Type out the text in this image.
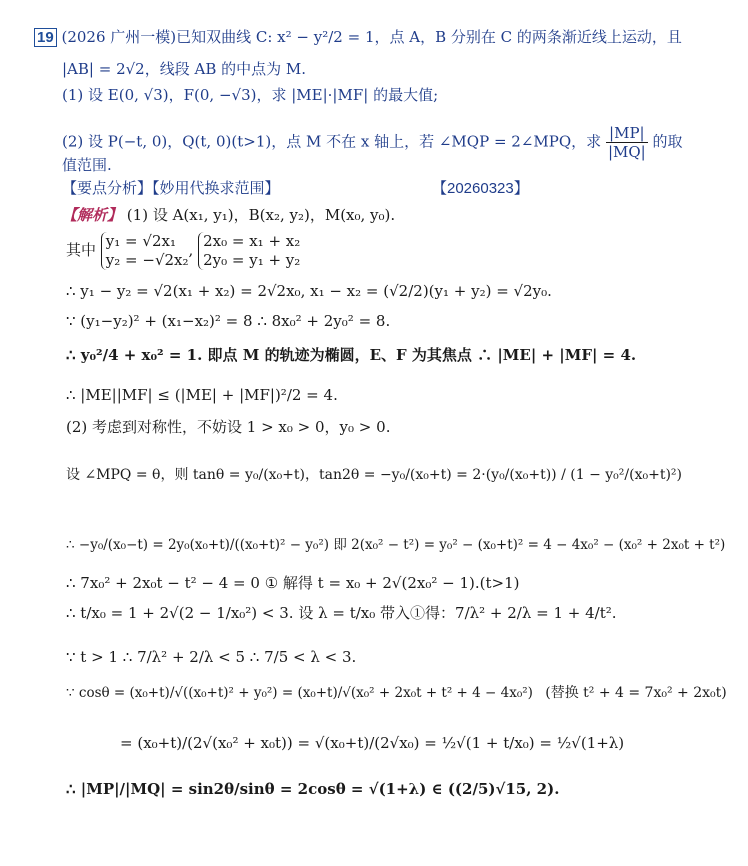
19 (2026 广州一模)已知双曲线 C: x² − y²/2 = 1，点 A，B 分别在 C 的两条渐近线上运动，且
|AB| = 2√2，线段 AB 的中点为 M.
(1) 设 E(0, √3)，F(0, −√3)，求 |ME|·|MF| 的最大值;
(2) 设 P(−t, 0)，Q(t, 0)(t>1)，点 M 不在 x 轴上，若 ∠MQP = 2∠MPQ，求 $\frac{|MP|}{|MQ|}$ 的取
值范围.
【要点分析】【妙用代换求范围】	【20260323】
【解析】 (1) 设 A(x₁, y₁)，B(x₂, y₂)，M(x₀, y₀).
其中 y₁ = √2x₁
y₂ = −√2x₂
, 2x₀ = x₁ + x₂
2y₀ = y₁ + y₂
∴ y₁ − y₂ = √2(x₁ + x₂) = 2√2x₀, x₁ − x₂ = (√2/2)(y₁ + y₂) = √2y₀.
∵ (y₁−y₂)² + (x₁−x₂)² = 8 ∴ 8x₀² + 2y₀² = 8.
∴ y₀²/4 + x₀² = 1. 即点 M 的轨迹为椭圆，E、F 为其焦点 ∴ |ME| + |MF| = 4.
∴ |ME||MF| ≤ (|ME| + |MF|)²/2 = 4.
(2) 考虑到对称性，不妨设 1 > x₀ > 0，y₀ > 0.
设 ∠MPQ = θ，则 tanθ = y₀/(x₀+t)，tan2θ = −y₀/(x₀+t) = 2·(y₀/(x₀+t)) / (1 − y₀²/(x₀+t)²)
∴ −y₀/(x₀−t) = 2y₀(x₀+t)/((x₀+t)² − y₀²) 即 2(x₀² − t²) = y₀² − (x₀+t)² = 4 − 4x₀² − (x₀² + 2x₀t + t²)
∴ 7x₀² + 2x₀t − t² − 4 = 0 ① 解得 t = x₀ + 2√(2x₀² − 1).(t>1)
∴ t/x₀ = 1 + 2√(2 − 1/x₀²) < 3. 设 λ = t/x₀ 带入①得：7/λ² + 2/λ = 1 + 4/t².
∵ t > 1 ∴ 7/λ² + 2/λ < 5 ∴ 7/5 < λ < 3.
∵ cosθ = (x₀+t)/√((x₀+t)² + y₀²) = (x₀+t)/√(x₀² + 2x₀t + t² + 4 − 4x₀²) (替换 t² + 4 = 7x₀² + 2x₀t)
= (x₀+t)/(2√(x₀² + x₀t)) = √(x₀+t)/(2√x₀) = ½√(1 + t/x₀) = ½√(1+λ)
∴ |MP|/|MQ| = sin2θ/sinθ = 2cosθ = √(1+λ) ∈ ((2/5)√15, 2).
